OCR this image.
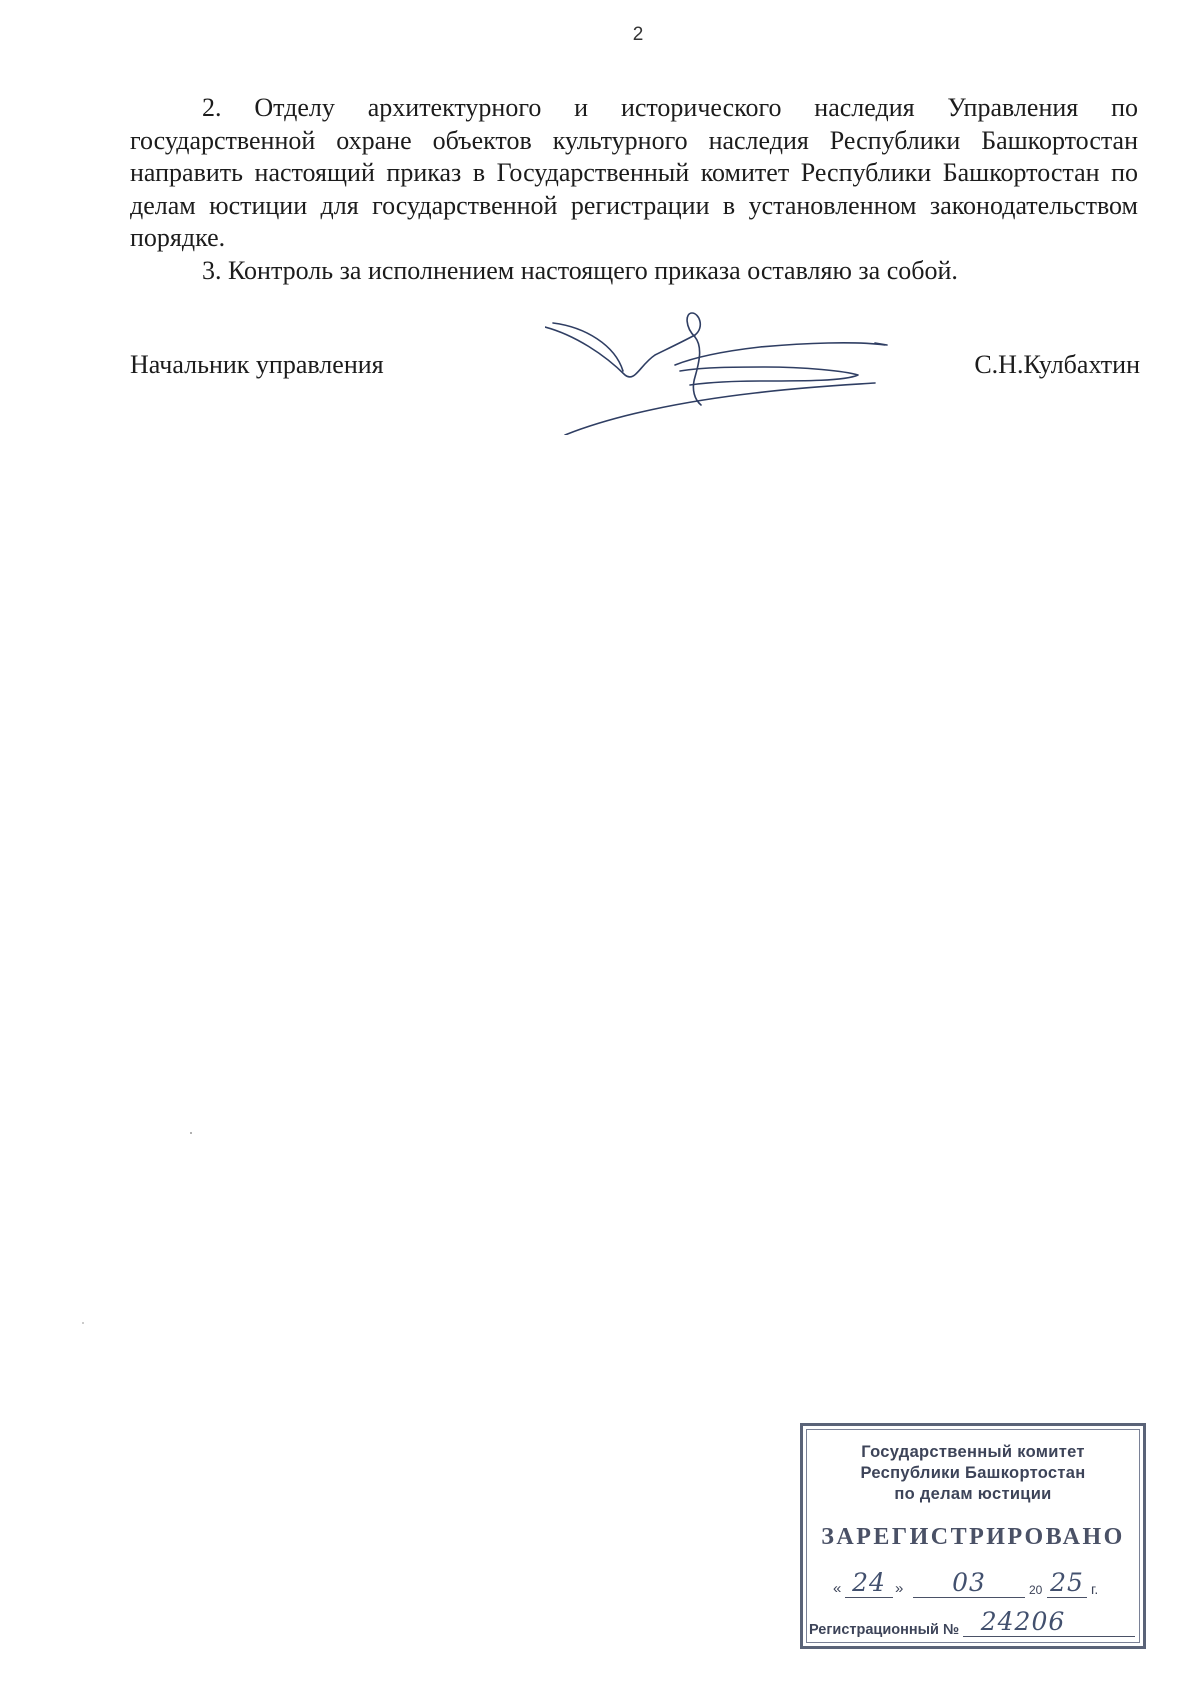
2

2. Отделу архитектурного и исторического наследия Управления по государственной охране объектов культурного наследия Республики Башкортостан направить настоящий приказ в Государственный комитет Республики Башкортостан по делам юстиции для государственной регистрации в установленном законодательством порядке.

3. Контроль за исполнением настоящего приказа оставляю за собой.

Начальник управления	С.Н.Кулбахтин
Государственный комитет
Республики Башкортостан
по делам юстиции
ЗАРЕГИСТРИРОВАНО
« 24 »	03	20 25 г.
Регистрационный № 24206
